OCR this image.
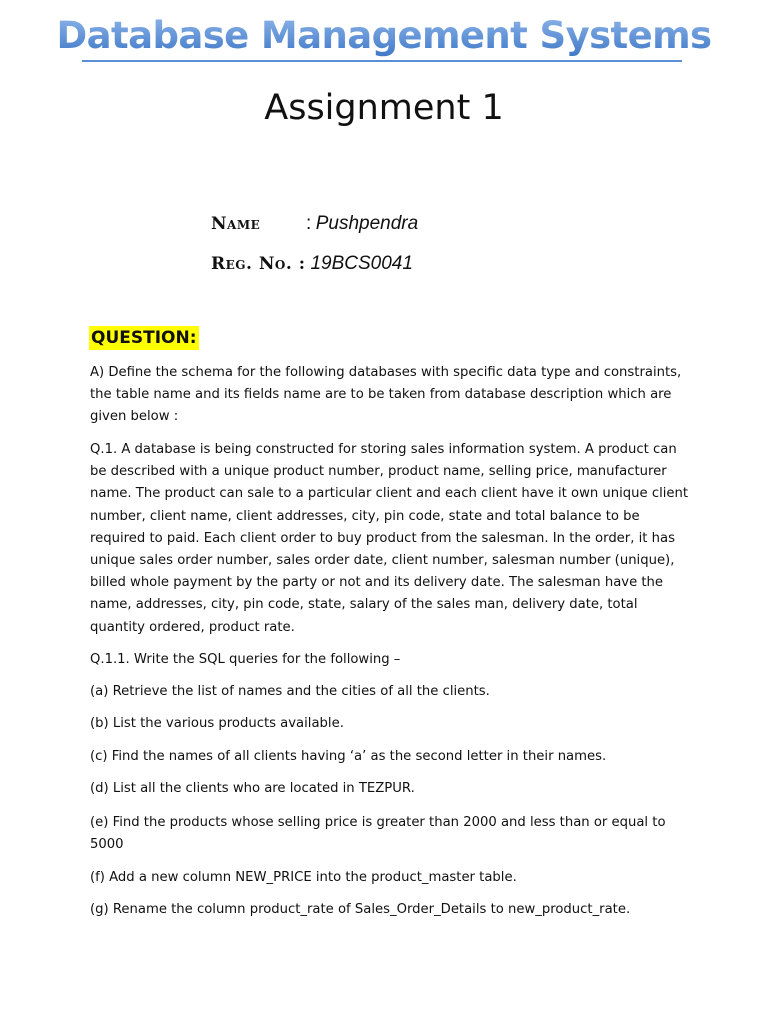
Database Management Systems
Assignment 1
Name : Pushpendra
Reg. No. : 19BCS0041
QUESTION:

A) Define the schema for the following databases with specific data type and constraints, the table name and its fields name are to be taken from database description which are given below :

Q.1. A database is being constructed for storing sales information system. A product can be described with a unique product number, product name, selling price, manufacturer name. The product can sale to a particular client and each client have it own unique client number, client name, client addresses, city, pin code, state and total balance to be required to paid. Each client order to buy product from the salesman. In the order, it has unique sales order number, sales order date, client number, salesman number (unique), billed whole payment by the party or not and its delivery date. The salesman have the name, addresses, city, pin code, state, salary of the sales man, delivery date, total quantity ordered, product rate.

Q.1.1. Write the SQL queries for the following –

(a) Retrieve the list of names and the cities of all the clients.

(b) List the various products available.

(c) Find the names of all clients having ‘a’ as the second letter in their names.

(d) List all the clients who are located in TEZPUR.

(e) Find the products whose selling price is greater than 2000 and less than or equal to 5000

(f) Add a new column NEW_PRICE into the product_master table.

(g) Rename the column product_rate of Sales_Order_Details to new_product_rate.
